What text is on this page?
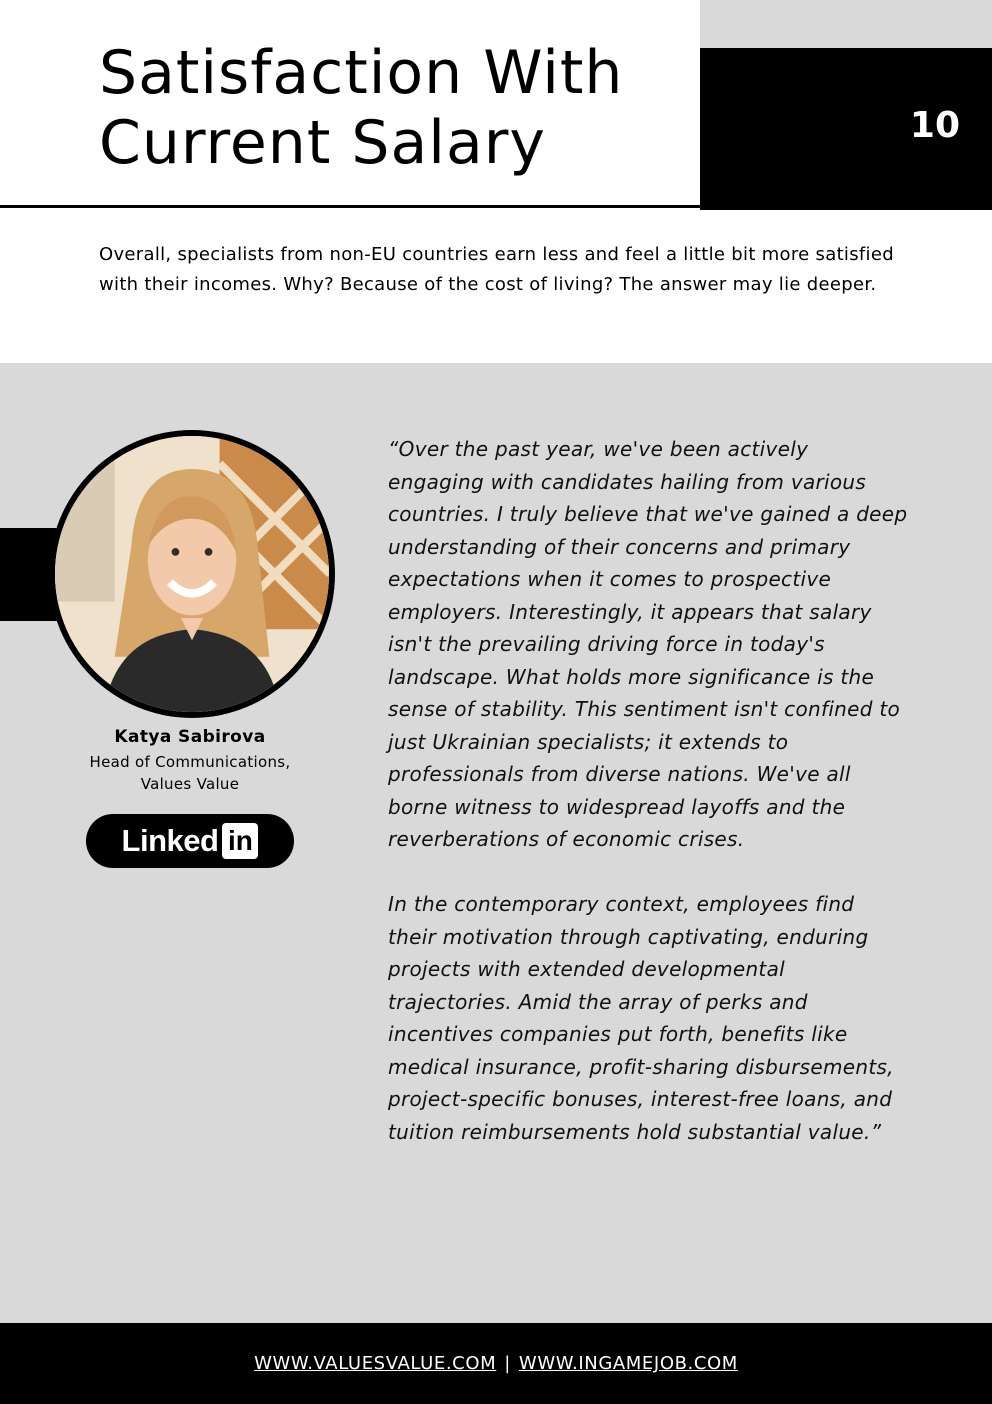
10
Satisfaction With
Current Salary

Overall, specialists from non-EU countries earn less and feel a little bit more satisfied with their incomes. Why? Because of the cost of living? The answer may lie deeper.

Katya Sabirova
Head of Communications,
Values Value
Linked in

“Over the past year, we've been actively engaging with candidates hailing from various countries. I truly believe that we've gained a deep understanding of their concerns and primary expectations when it comes to prospective employers. Interestingly, it appears that salary isn't the prevailing driving force in today's landscape. What holds more significance is the sense of stability. This sentiment isn't confined to just Ukrainian specialists; it extends to professionals from diverse nations. We've all borne witness to widespread layoffs and the reverberations of economic crises.

In the contemporary context, employees find their motivation through captivating, enduring projects with extended developmental trajectories. Amid the array of perks and incentives companies put forth, benefits like medical insurance, profit-sharing disbursements, project-specific bonuses, interest-free loans, and tuition reimbursements hold substantial value.”

WWW.VALUESVALUE.COM | WWW.INGAMEJOB.COM
